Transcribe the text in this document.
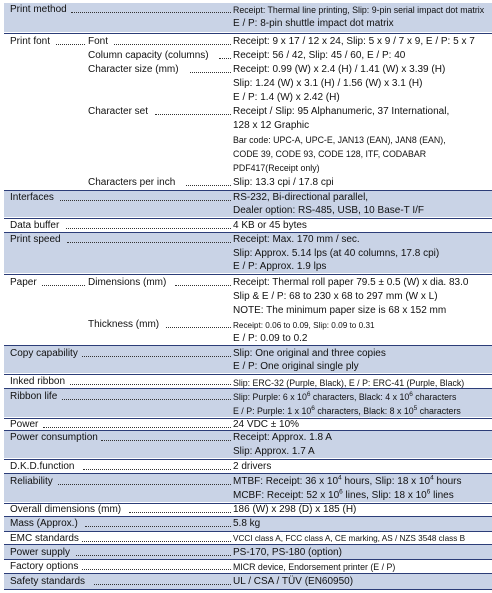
Print method	Receipt: Thermal line printing, Slip: 9-pin serial impact dot matrix
E / P: 8-pin shuttle impact dot matrix
Print font	Font	Receipt: 9 x 17 / 12 x 24, Slip: 5 x 9 / 7 x 9, E / P: 5 x 7
Column capacity (columns) Receipt: 56 / 42, Slip: 45 / 60, E / P: 40
Character size (mm)	Receipt: 0.99 (W) x 2.4 (H) / 1.41 (W) x 3.39 (H)
Slip: 1.24 (W) x 3.1 (H) / 1.56 (W) x 3.1 (H)
E / P: 1.4 (W) x 2.42 (H)
Character set	Receipt / Slip: 95 Alphanumeric, 37 International,
128 x 12 Graphic
Bar code: UPC-A, UPC-E, JAN13 (EAN), JAN8 (EAN),
CODE 39, CODE 93, CODE 128, ITF, CODABAR
PDF417(Receipt only)
Characters per inch	Slip: 13.3 cpi / 17.8 cpi
Interfaces	RS-232, Bi-directional parallel,
Dealer option: RS-485, USB, 10 Base-T I/F
Data buffer	4 KB or 45 bytes
Print speed	Receipt: Max. 170 mm / sec.
Slip: Approx. 5.14 lps (at 40 columns, 17.8 cpi)
E / P: Approx. 1.9 lps
Paper	Dimensions (mm)	Receipt: Thermal roll paper 79.5 ± 0.5 (W) x dia. 83.0
Slip & E / P: 68 to 230 x 68 to 297 mm (W x L)
NOTE: The minimum paper size is 68 x 152 mm
Thickness (mm)	Receipt: 0.06 to 0.09, Slip: 0.09 to 0.31
E / P: 0.09 to 0.2
Copy capability	Slip: One original and three copies
E / P: One original single ply
Inked ribbon	Slip: ERC-32 (Purple, Black), E / P: ERC-41 (Purple, Black)
Ribbon life	Slip: Purple: 6 x $10^6$ characters, Black: 4 x $10^6$ characters
E / P: Purple: 1 x $10^6$ characters, Black: 8 x $10^5$ characters
Power	24 VDC ± 10%
Power consumption	Receipt: Approx. 1.8 A
Slip: Approx. 1.7 A
D.K.D.function	2 drivers
Reliability	MTBF: Receipt: 36 x $10^4$ hours, Slip: 18 x $10^4$ hours
MCBF: Receipt: 52 x $10^6$ lines, Slip: 18 x $10^6$ lines
Overall dimensions (mm)	186 (W) x 298 (D) x 185 (H)
Mass (Approx.)	5.8 kg
EMC standards	VCCI class A, FCC class A, CE marking, AS / NZS 3548 class B
Power supply	PS-170, PS-180 (option)
Factory options	MICR device, Endorsement printer (E / P)
Safety standards	UL / CSA / TÜV (EN60950)
